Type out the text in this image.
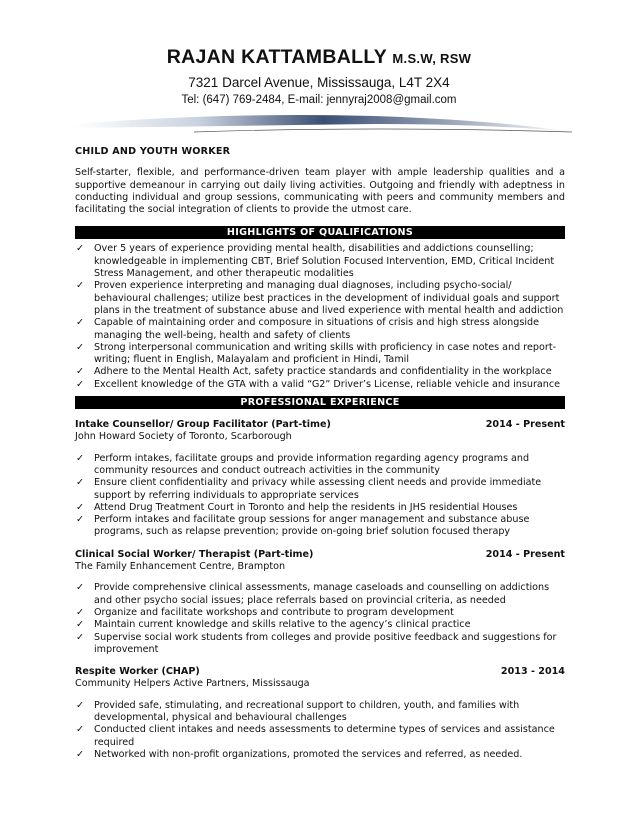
RAJAN KATTAMBALLY M.S.W, RSW
7321 Darcel Avenue, Mississauga, L4T 2X4
Tel: (647) 769-2484, E-mail: jennyraj2008@gmail.com
CHILD AND YOUTH WORKER
Self-starter, flexible, and performance-driven team player with ample leadership qualities and a supportive demeanour in carrying out daily living activities. Outgoing and friendly with adeptness in conducting individual and group sessions, communicating with peers and community members and facilitating the social integration of clients to provide the utmost care.
HIGHLIGHTS OF QUALIFICATIONS
✓ Over 5 years of experience providing mental health, disabilities and addictions counselling; knowledgeable in implementing CBT, Brief Solution Focused Intervention, EMD, Critical Incident Stress Management, and other therapeutic modalities
✓ Proven experience interpreting and managing dual diagnoses, including psycho-social/ behavioural challenges; utilize best practices in the development of individual goals and support plans in the treatment of substance abuse and lived experience with mental health and addiction
✓ Capable of maintaining order and composure in situations of crisis and high stress alongside managing the well-being, health and safety of clients
✓ Strong interpersonal communication and writing skills with proficiency in case notes and report-writing; fluent in English, Malayalam and proficient in Hindi, Tamil
✓ Adhere to the Mental Health Act, safety practice standards and confidentiality in the workplace
✓ Excellent knowledge of the GTA with a valid “G2” Driver’s License, reliable vehicle and insurance
PROFESSIONAL EXPERIENCE
Intake Counsellor/ Group Facilitator (Part-time)	2014 - Present
John Howard Society of Toronto, Scarborough
✓ Perform intakes, facilitate groups and provide information regarding agency programs and community resources and conduct outreach activities in the community
✓ Ensure client confidentiality and privacy while assessing client needs and provide immediate support by referring individuals to appropriate services
✓ Attend Drug Treatment Court in Toronto and help the residents in JHS residential Houses
✓ Perform intakes and facilitate group sessions for anger management and substance abuse programs, such as relapse prevention; provide on-going brief solution focused therapy
Clinical Social Worker/ Therapist (Part-time)	2014 - Present
The Family Enhancement Centre, Brampton
✓ Provide comprehensive clinical assessments, manage caseloads and counselling on addictions and other psycho social issues; place referrals based on provincial criteria, as needed
✓ Organize and facilitate workshops and contribute to program development
✓ Maintain current knowledge and skills relative to the agency’s clinical practice
✓ Supervise social work students from colleges and provide positive feedback and suggestions for improvement
Respite Worker (CHAP)	2013 - 2014
Community Helpers Active Partners, Mississauga
✓ Provided safe, stimulating, and recreational support to children, youth, and families with developmental, physical and behavioural challenges
✓ Conducted client intakes and needs assessments to determine types of services and assistance required
✓ Networked with non-profit organizations, promoted the services and referred, as needed.
